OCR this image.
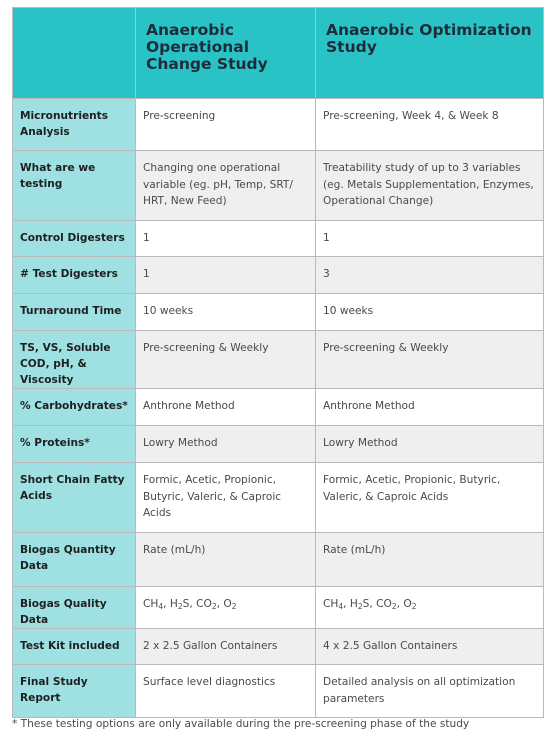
	Anaerobic Operational Change Study	Anaerobic Optimization Study
Micronutrients Analysis	Pre-screening	Pre-screening, Week 4, & Week 8
What are we testing	Changing one operational variable (eg. pH, Temp, SRT/ HRT, New Feed)	Treatability study of up to 3 variables (eg. Metals Supplementation, Enzymes, Operational Change)
Control Digesters	1	1
# Test Digesters	1	3
Turnaround Time	10 weeks	10 weeks
TS, VS, Soluble COD, pH, & Viscosity	Pre-screening & Weekly	Pre-screening & Weekly
% Carbohydrates*	Anthrone Method	Anthrone Method
% Proteins*	Lowry Method	Lowry Method
Short Chain Fatty Acids	Formic, Acetic, Propionic, Butyric, Valeric, & Caproic Acids	Formic, Acetic, Propionic, Butyric, Valeric, & Caproic Acids
Biogas Quantity Data	Rate (mL/h)	Rate (mL/h)
Biogas Quality Data	$CH_4$, $H_2S$, $CO_2$, $O_2$	$CH_4$, $H_2S$, $CO_2$, $O_2$
Test Kit included	2 x 2.5 Gallon Containers	4 x 2.5 Gallon Containers
Final Study Report	Surface level diagnostics	Detailed analysis on all optimization parameters
* These testing options are only available during the pre-screening phase of the study
